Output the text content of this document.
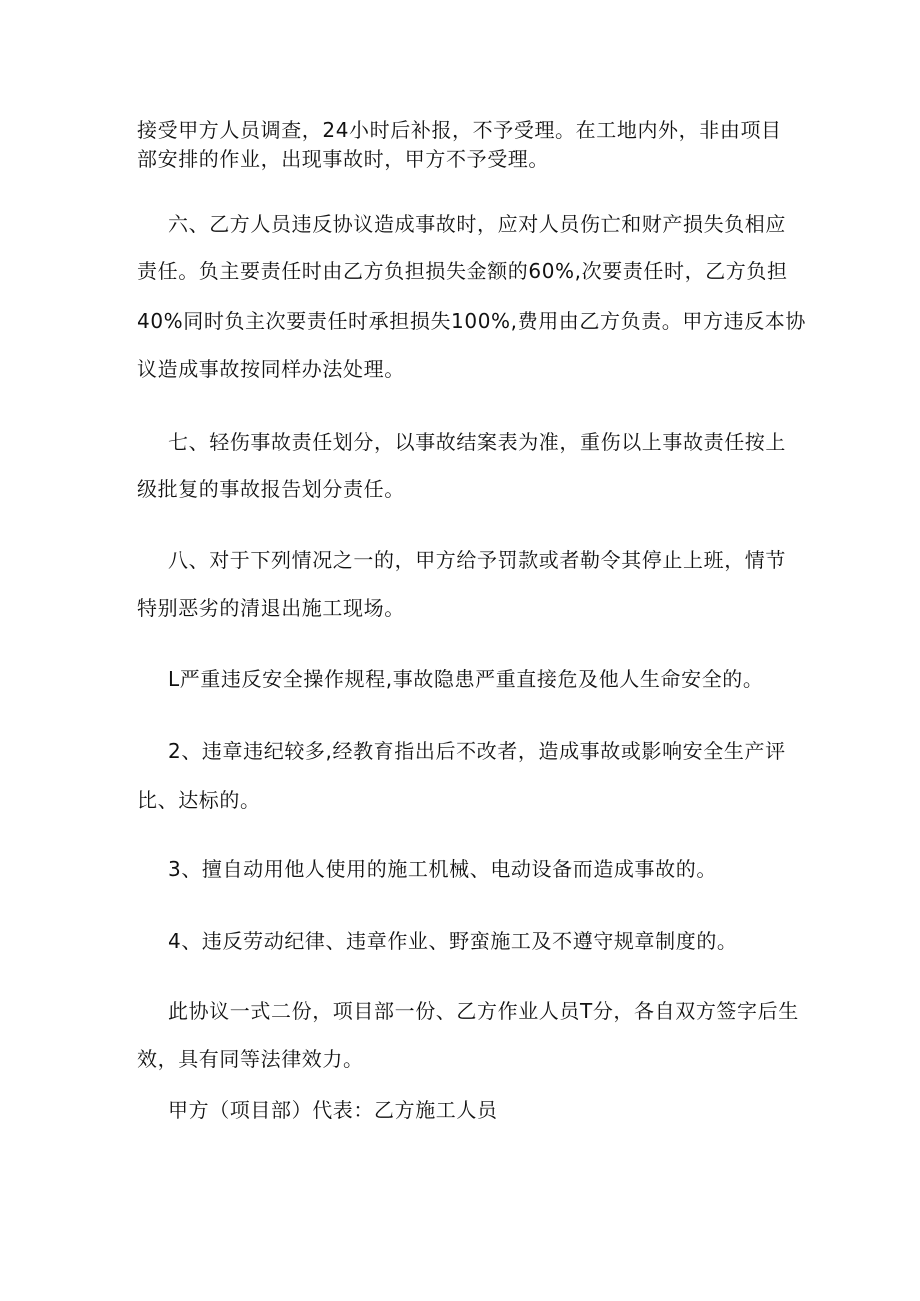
接受甲方人员调查，24小时后补报，不予受理。在工地内外，非由项目
部安排的作业，出现事故时，甲方不予受理。
六、乙方人员违反协议造成事故时，应对人员伤亡和财产损失负相应
责任。负主要责任时由乙方负担损失金额的60%,次要责任时，乙方负担
40%同时负主次要责任时承担损失100%,费用由乙方负责。甲方违反本协
议造成事故按同样办法处理。
七、轻伤事故责任划分，以事故结案表为准，重伤以上事故责任按上
级批复的事故报告划分责任。
八、对于下列情况之一的，甲方给予罚款或者勒令其停止上班，情节
特别恶劣的清退出施工现场。
L严重违反安全操作规程,事故隐患严重直接危及他人生命安全的。
2、违章违纪较多,经教育指出后不改者，造成事故或影响安全生产评
比、达标的。
3、擅自动用他人使用的施工机械、电动设备而造成事故的。
4、违反劳动纪律、违章作业、野蛮施工及不遵守规章制度的。
此协议一式二份，项目部一份、乙方作业人员T分，各自双方签字后生
效，具有同等法律效力。
甲方（项目部）代表：乙方施工人员
